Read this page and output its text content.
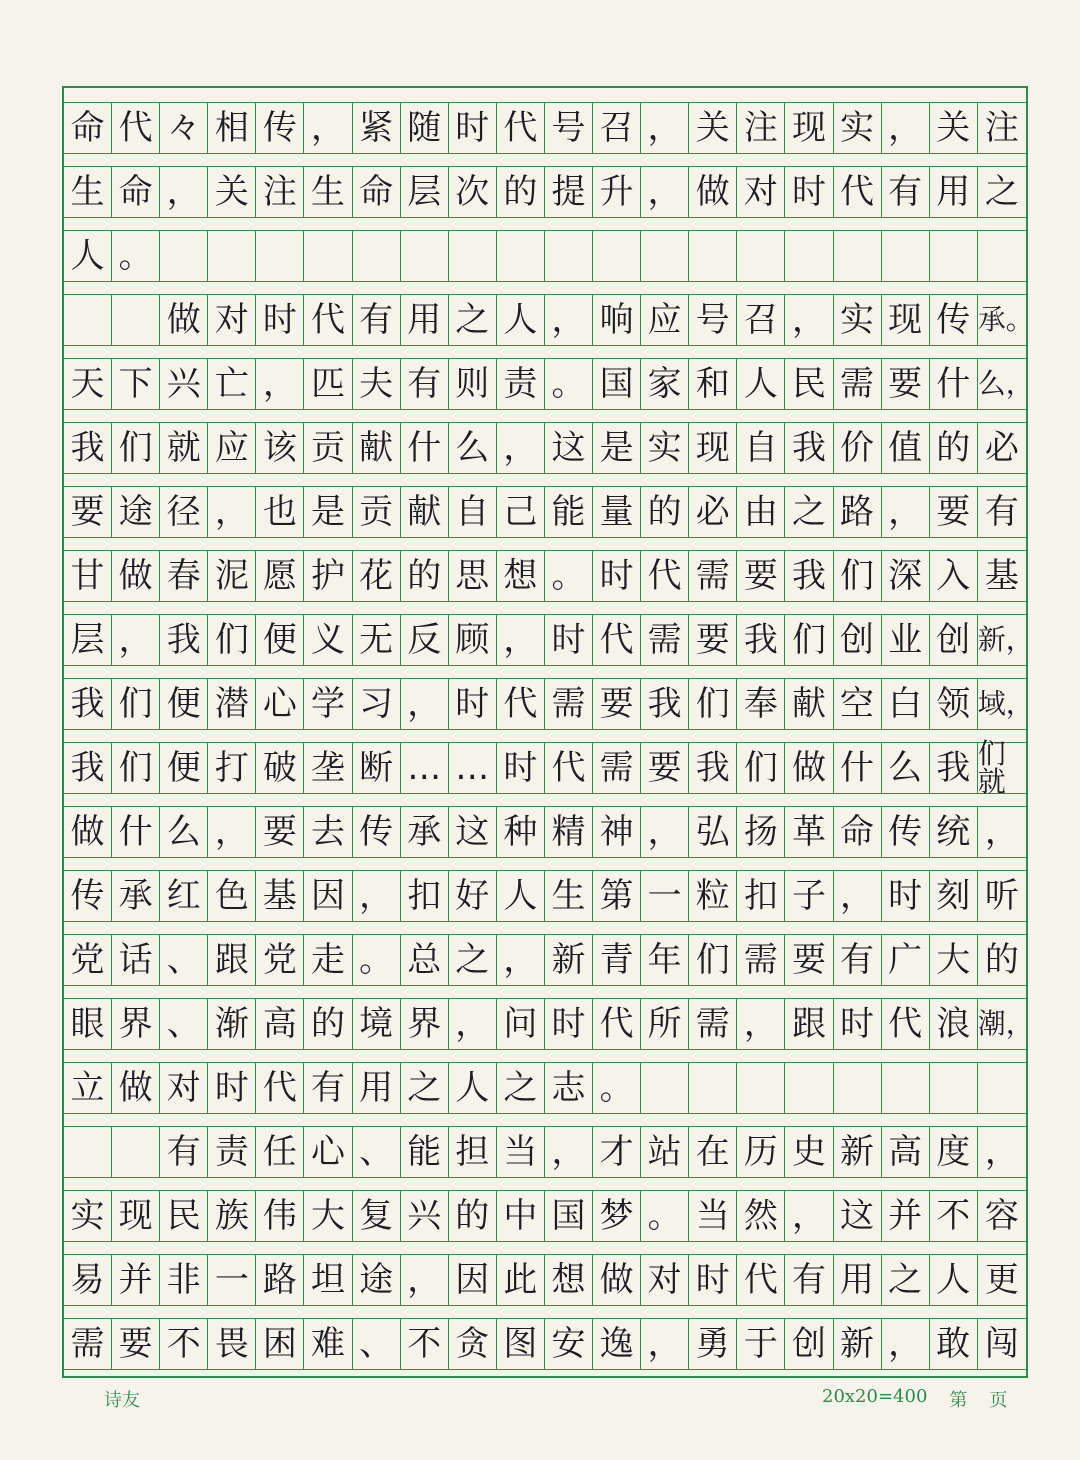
命 代 々 相 传 ， 紧 随 时 代 号 召 ， 关 注 现 实 ， 关 注
生 命 ， 关 注 生 命 层 次 的 提 升 ， 做 对 时 代 有 用 之
人 。
做 对 时 代 有 用 之 人 ， 响 应 号 召 ， 实 现 传 承。
天 下 兴 亡 ， 匹 夫 有 则 责 。 国 家 和 人 民 需 要 什 么，
我 们 就 应 该 贡 献 什 么 ， 这 是 实 现 自 我 价 值 的 必
要 途 径 ， 也 是 贡 献 自 己 能 量 的 必 由 之 路 ， 要 有
甘 做 春 泥 愿 护 花 的 思 想 。 时 代 需 要 我 们 深 入 基
层 ， 我 们 便 义 无 反 顾 ， 时 代 需 要 我 们 创 业 创 新，
我 们 便 潜 心 学 习 ， 时 代 需 要 我 们 奉 献 空 白 领 域，
我 们 便 打 破 垄 断 … … 时 代 需 要 我 们 做 什 么 我 们就
做 什 么 ， 要 去 传 承 这 种 精 神 ， 弘 扬 革 命 传 统 ，
传 承 红 色 基 因 ， 扣 好 人 生 第 一 粒 扣 子 ， 时 刻 听
党 话 、 跟 党 走 。 总 之 ， 新 青 年 们 需 要 有 广 大 的
眼 界 、 渐 高 的 境 界 ， 问 时 代 所 需 ， 跟 时 代 浪 潮，
立 做 对 时 代 有 用 之 人 之 志 。
有 责 任 心 、 能 担 当 ， 才 站 在 历 史 新 高 度 ，
实 现 民 族 伟 大 复 兴 的 中 国 梦 。 当 然 ， 这 并 不 容
易 并 非 一 路 坦 途 ， 因 此 想 做 对 时 代 有 用 之 人 更
需 要 不 畏 困 难 、 不 贪 图 安 逸 ， 勇 于 创 新 ， 敢 闯
诗友	20x20=400 第 页
